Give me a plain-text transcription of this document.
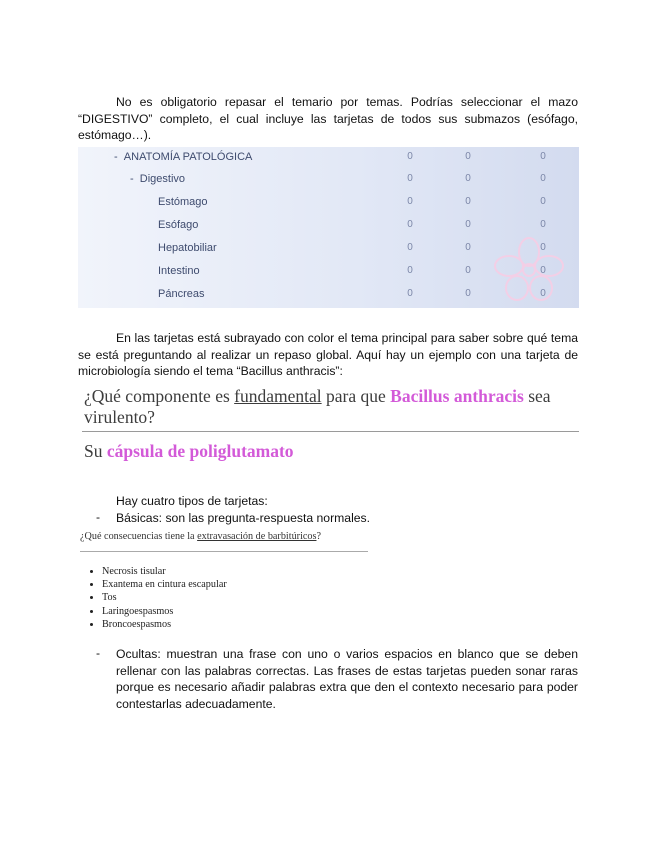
No es obligatorio repasar el temario por temas. Podrías seleccionar el mazo “DIGESTIVO” completo, el cual incluye las tarjetas de todos sus submazos (esófago, estómago…).
- ANATOMÍA PATOLÓGICA	0	0	0
- Digestivo	0	0	0
Estómago	0	0	0
Esófago	0	0	0
Hepatobiliar	0	0	0
Intestino	0	0	0
Páncreas	0	0	0
En las tarjetas está subrayado con color el tema principal para saber sobre qué tema se está preguntando al realizar un repaso global. Aquí hay un ejemplo con una tarjeta de microbiología siendo el tema “Bacillus anthracis”:
¿Qué componente es fundamental para que Bacillus anthracis sea virulento?
Su cápsula de poliglutamato
Hay cuatro tipos de tarjetas:
- Básicas: son las pregunta-respuesta normales.
¿Qué consecuencias tiene la extravasación de barbitúricos?
• Necrosis tisular
• Exantema en cintura escapular
• Tos
• Laringoespasmos
• Broncoespasmos
- Ocultas: muestran una frase con uno o varios espacios en blanco que se deben rellenar con las palabras correctas. Las frases de estas tarjetas pueden sonar raras porque es necesario añadir palabras extra que den el contexto necesario para poder contestarlas adecuadamente.
